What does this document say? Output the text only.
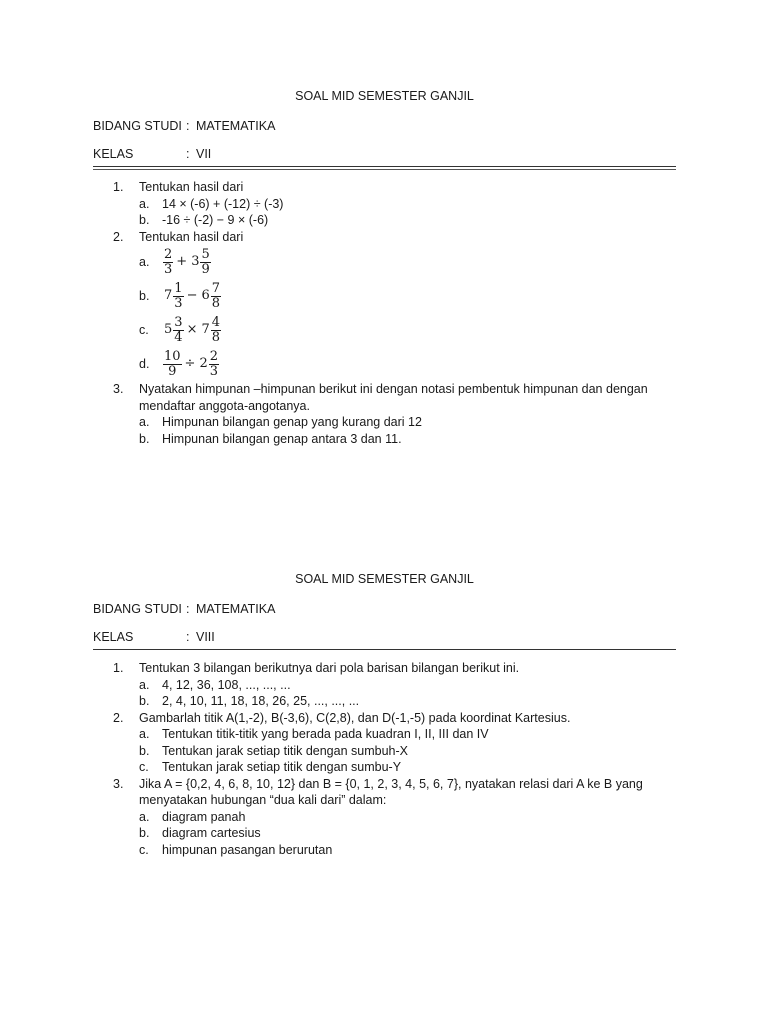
SOAL MID SEMESTER GANJIL
BIDANG STUDI : MATEMATIKA
KELAS	: VII
1.	Tentukan hasil dari
a.	14 × (-6) + (-12) ÷ (-3)
b.	-16 ÷ (-2) − 9 × (-6)
2.	Tentukan hasil dari
a.	$\frac{2}{3} + 3 \frac{5}{9}$
b.	$7 \frac{1}{3} - 6 \frac{7}{8}$
c.	$5 \frac{3}{4} \times 7 \frac{4}{8}$
d.	$\frac{10}{9} \div 2 \frac{2}{3}$
3.	Nyatakan himpunan –himpunan berikut ini dengan notasi pembentuk himpunan dan dengan mendaftar anggota-angotanya.
a.	Himpunan bilangan genap yang kurang dari 12
b.	Himpunan bilangan genap antara 3 dan 11.
SOAL MID SEMESTER GANJIL
BIDANG STUDI : MATEMATIKA
KELAS	: VIII
1.	Tentukan 3 bilangan berikutnya dari pola barisan bilangan berikut ini.
a.	4, 12, 36, 108, ..., ..., ...
b.	2, 4, 10, 11, 18, 18, 26, 25, ..., ..., ...
2.	Gambarlah titik A(1,-2), B(-3,6), C(2,8), dan D(-1,-5) pada koordinat Kartesius.
a.	Tentukan titik-titik yang berada pada kuadran I, II, III dan IV
b.	Tentukan jarak setiap titik dengan sumbuh-X
c.	Tentukan jarak setiap titik dengan sumbu-Y
3.	Jika A = {0,2, 4, 6, 8, 10, 12} dan B = {0, 1, 2, 3, 4, 5, 6, 7}, nyatakan relasi dari A ke B yang menyatakan hubungan “dua kali dari” dalam:
a.	diagram panah
b.	diagram cartesius
c.	himpunan pasangan berurutan
